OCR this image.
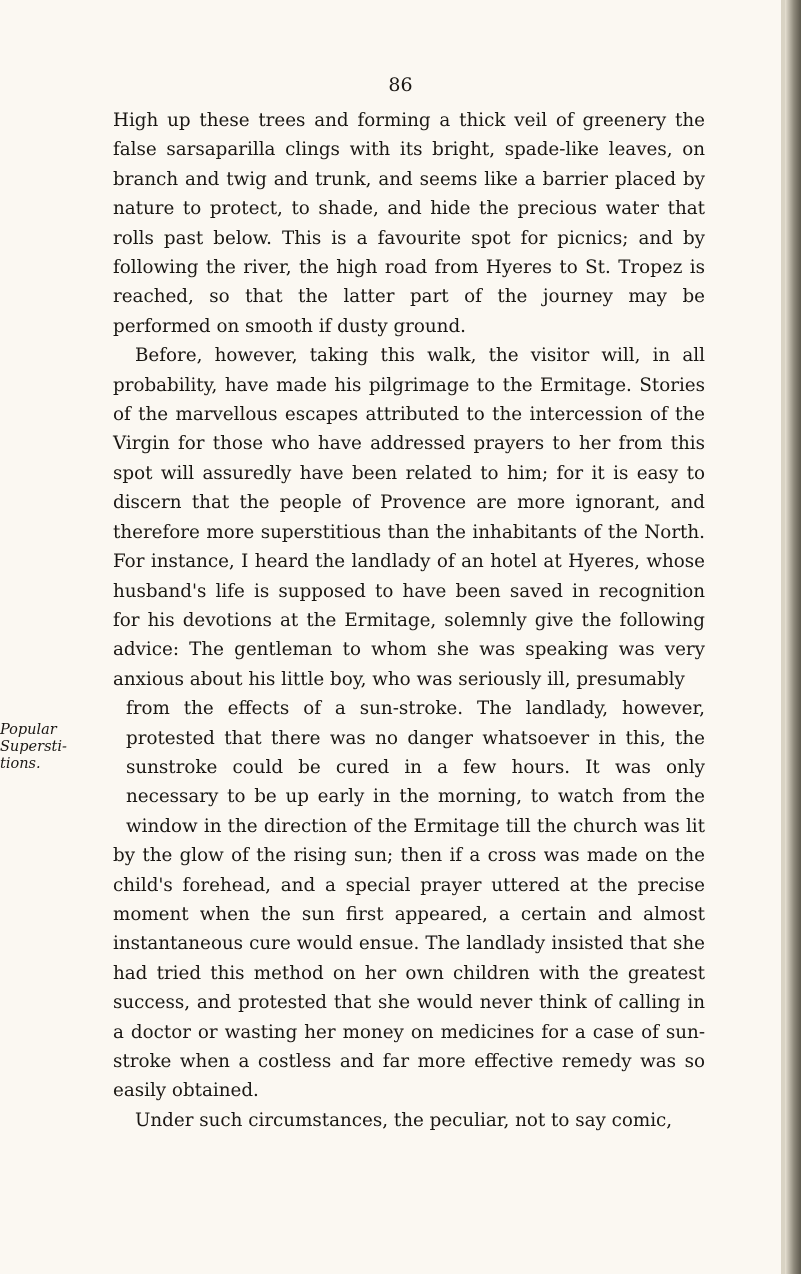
86

High up these trees and forming a thick veil of greenery the false sarsaparilla clings with its bright, spade-like leaves, on branch and twig and trunk, and seems like a barrier placed by nature to protect, to shade, and hide the precious water that rolls past below. This is a favourite spot for picnics; and by following the river, the high road from Hyeres to St. Tropez is reached, so that the latter part of the journey may be performed on smooth if dusty ground.

Before, however, taking this walk, the visitor will, in all probability, have made his pilgrimage to the Ermitage. Stories of the marvellous escapes attributed to the intercession of the Virgin for those who have addressed prayers to her from this spot will assuredly have been related to him; for it is easy to discern that the people of Provence are more ignorant, and therefore more superstitious than the inhabitants of the North. For instance, I heard the landlady of an hotel at Hyeres, whose husband's life is supposed to have been saved in recognition for his devotions at the Ermitage, solemnly give the following advice: The gentleman to whom she was speaking was very anxious about his little boy, who was seriously ill, presumably

Popular
Supersti-
tions.

from the effects of a sun-stroke. The landlady, however, protested that there was no danger whatsoever in this, the sunstroke could be cured in a few hours. It was only necessary to be up early in the morning, to watch from the window in the direction of the Ermitage till the church was lit by the glow of the rising sun; then if a cross was made on the child's forehead, and a special prayer uttered at the precise moment when the sun first appeared, a certain and almost instantaneous cure would ensue. The landlady insisted that she had tried this method on her own children with the greatest success, and protested that she would never think of calling in a doctor or wasting her money on medicines for a case of sun-stroke when a costless and far more effective remedy was so easily obtained.

Under such circumstances, the peculiar, not to say comic,
